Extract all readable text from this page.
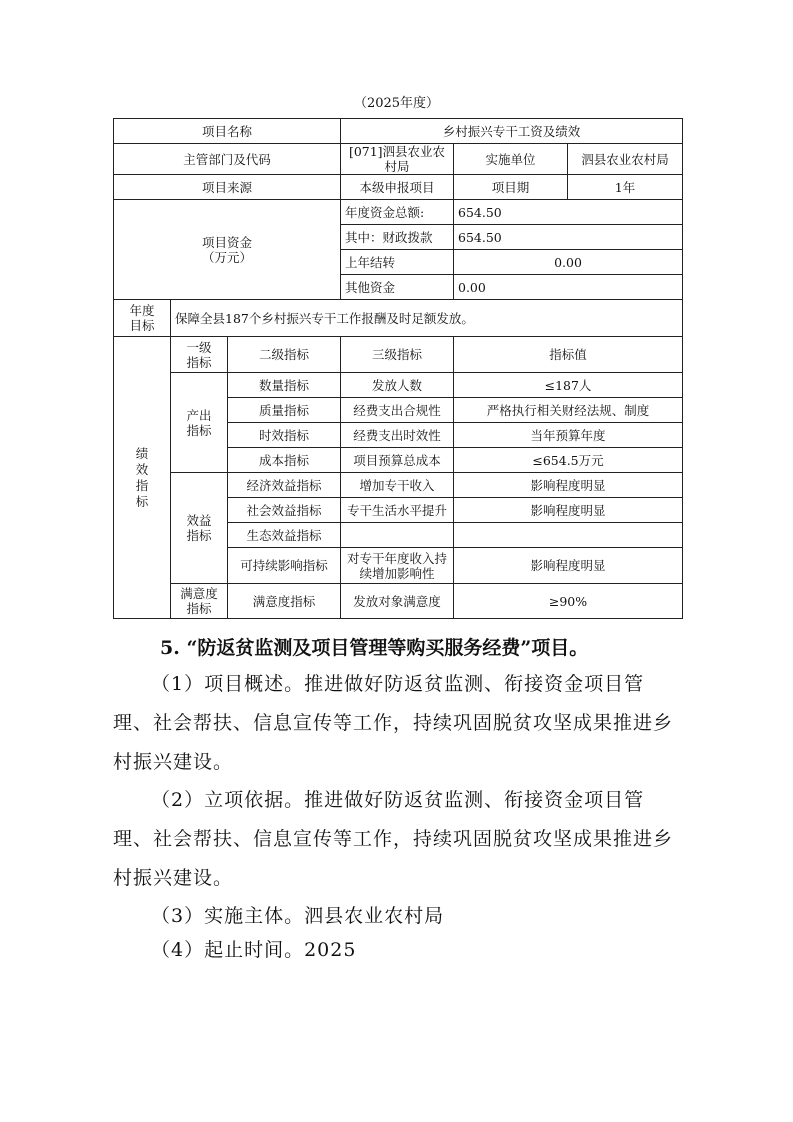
（2025年度）
项目名称			乡村振兴专干工资及绩效		
主管部门及代码			[071]泗县农业农村局	实施单位	泗县农业农村局
项目来源			本级申报项目	项目期	1年

项目资金
（万元）			年度资金总额:	654.50	
			其中：财政拨款	654.50	
			上年结转	0.00	
			其他资金	0.00	

年度
目标	保障全县187个乡村振兴专干工作报酬及时足额发放。				

绩效指标	一级指标	二级指标	三级指标	指标值	

	产出指标	数量指标	发放人数	≤187人	
		质量指标	经费支出合规性	严格执行相关财经法规、制度	
		时效指标	经费支出时效性	当年预算年度	
		成本指标	项目预算总成本	≤654.5万元	

	效益指标	经济效益指标	增加专干收入	影响程度明显	
		社会效益指标	专干生活水平提升	影响程度明显	
		生态效益指标			
		可持续影响指标	对专干年度收入持续增加影响性	影响程度明显	

	满意度指标	满意度指标	发放对象满意度	≥90%	
5. “防返贫监测及项目管理等购买服务经费”项目。
（1）项目概述。推进做好防返贫监测、衔接资金项目管理、社会帮扶、信息宣传等工作，持续巩固脱贫攻坚成果推进乡村振兴建设。
（2）立项依据。推进做好防返贫监测、衔接资金项目管理、社会帮扶、信息宣传等工作，持续巩固脱贫攻坚成果推进乡村振兴建设。
（3）实施主体。泗县农业农村局
（4）起止时间。2025
